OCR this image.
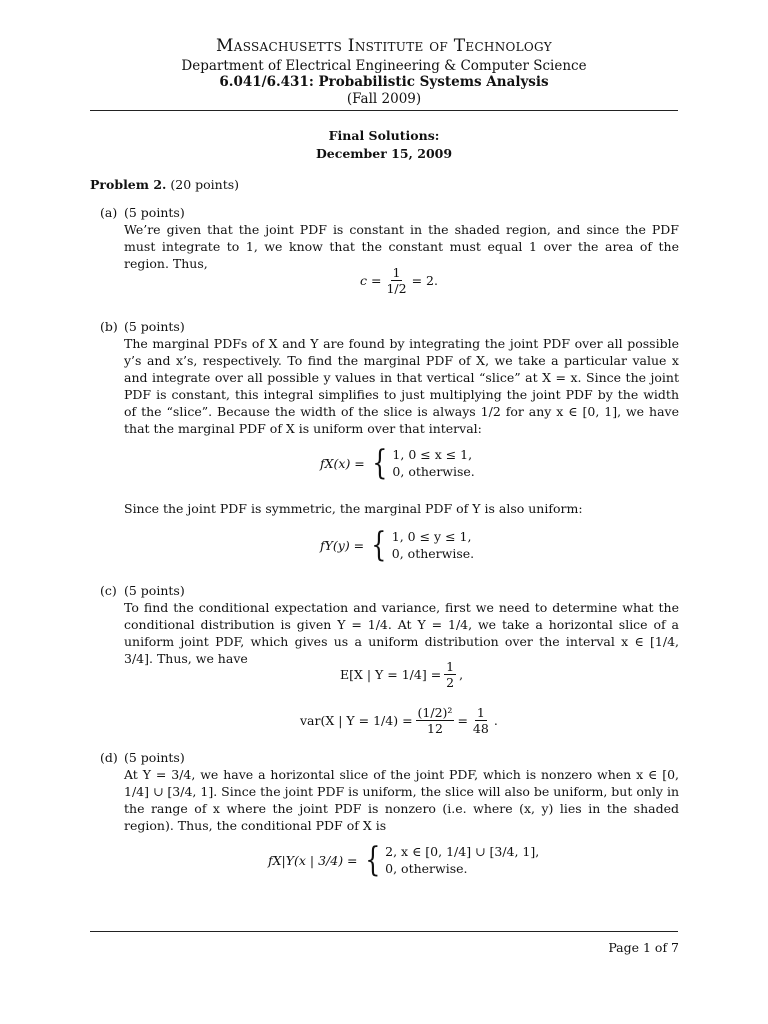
Massachusetts Institute of Technology
Department of Electrical Engineering & Computer Science
6.041/6.431: Probabilistic Systems Analysis
(Fall 2009)
Final Solutions:
December 15, 2009
Problem 2. (20 points)
(a) (5 points)

We’re given that the joint PDF is constant in the shaded region, and since the PDF must integrate to 1, we know that the constant must equal 1 over the area of the region. Thus,

$c = \frac{1}{1/2} = 2$.
(b) (5 points)

The marginal PDFs of X and Y are found by integrating the joint PDF over all possible y’s and x’s, respectively. To find the marginal PDF of X, we take a particular value x and integrate over all possible y values in that vertical “slice” at X = x. Since the joint PDF is constant, this integral simplifies to just multiplying the joint PDF by the width of the “slice”. Because the width of the slice is always 1/2 for any x ∈ [0, 1], we have that the marginal PDF of X is uniform over that interval:

fX(x) = { 1, 0 ≤ x ≤ 1,
0, otherwise.
Since the joint PDF is symmetric, the marginal PDF of Y is also uniform:
fY(y) = { 1, 0 ≤ y ≤ 1,
0, otherwise.
(c) (5 points)

To find the conditional expectation and variance, first we need to determine what the conditional distribution is given Y = 1/4. At Y = 1/4, we take a horizontal slice of a uniform joint PDF, which gives us a uniform distribution over the interval x ∈ [1/4, 3/4]. Thus, we have

E[X | $Y = 1/4] = \frac{1}{2}$ ,
var(X | $Y = 1/4) = \frac{\text{(1/2)²}}{12} = \frac{1}{48}$ .
(d) (5 points)

At Y = 3/4, we have a horizontal slice of the joint PDF, which is nonzero when x ∈ [0, 1/4] ∪ [3/4, 1]. Since the joint PDF is uniform, the slice will also be uniform, but only in the range of x where the joint PDF is nonzero (i.e. where (x, y) lies in the shaded region). Thus, the conditional PDF of X is

fX|Y(x | 3/4) = { 2, x ∈ [0, 1/4] ∪ [3/4, 1],
0, otherwise.
Page 1 of 7
